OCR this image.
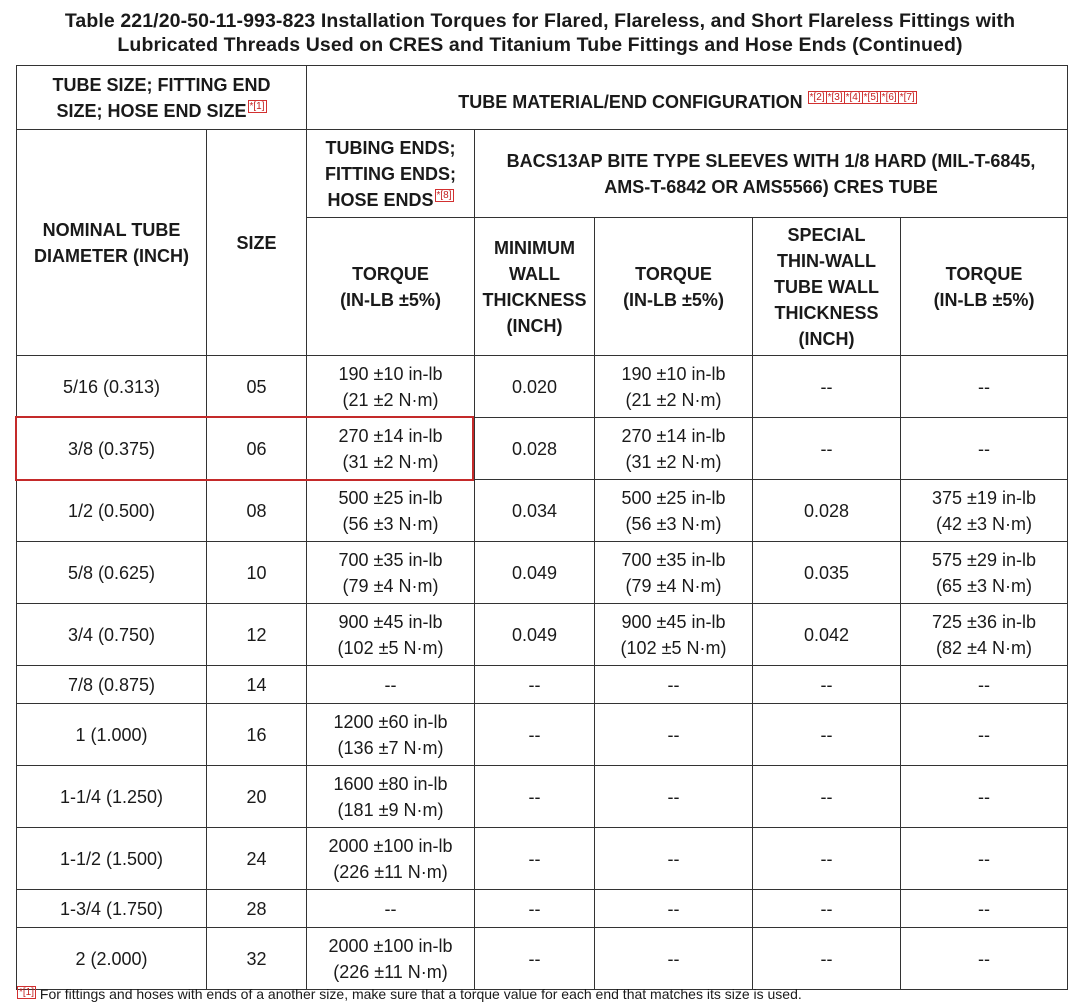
Table 221/20-50-11-993-823 Installation Torques for Flared, Flareless, and Short Flareless Fittings with
Lubricated Threads Used on CRES and Titanium Tube Fittings and Hose Ends (Continued)
TUBE SIZE; FITTING END
SIZE; HOSE END SIZE *[1]		TUBE MATERIAL/END CONFIGURATION *[2] *[3] *[4] *[5] *[6] *[7]				
NOMINAL TUBE
DIAMETER (INCH)	SIZE	TUBING ENDS;
FITTING ENDS;
HOSE ENDS *[8]	BACS13AP BITE TYPE SLEEVES WITH 1/8 HARD (MIL-T-6845,
AMS-T-6842 OR AMS5566) CRES TUBE			
		TORQUE
(IN-LB ±5%)	MINIMUM
WALL
THICKNESS
(INCH)	TORQUE
(IN-LB ±5%)	SPECIAL
THIN-WALL
TUBE WALL
THICKNESS
(INCH)	TORQUE
(IN-LB ±5%)
5/16 (0.313)	05	190 ±10 in-lb
(21 ±2 N·m)	0.020	190 ±10 in-lb
(21 ±2 N·m)	--	--
3/8 (0.375)	06	270 ±14 in-lb
(31 ±2 N·m)	0.028	270 ±14 in-lb
(31 ±2 N·m)	--	--
1/2 (0.500)	08	500 ±25 in-lb
(56 ±3 N·m)	0.034	500 ±25 in-lb
(56 ±3 N·m)	0.028	375 ±19 in-lb
(42 ±3 N·m)
5/8 (0.625)	10	700 ±35 in-lb
(79 ±4 N·m)	0.049	700 ±35 in-lb
(79 ±4 N·m)	0.035	575 ±29 in-lb
(65 ±3 N·m)
3/4 (0.750)	12	900 ±45 in-lb
(102 ±5 N·m)	0.049	900 ±45 in-lb
(102 ±5 N·m)	0.042	725 ±36 in-lb
(82 ±4 N·m)
7/8 (0.875)	14	--	--	--	--	--
1 (1.000)	16	1200 ±60 in-lb
(136 ±7 N·m)	--	--	--	--
1-1/4 (1.250)	20	1600 ±80 in-lb
(181 ±9 N·m)	--	--	--	--
1-1/2 (1.500)	24	2000 ±100 in-lb
(226 ±11 N·m)	--	--	--	--
1-3/4 (1.750)	28	--	--	--	--	--
2 (2.000)	32	2000 ±100 in-lb
(226 ±11 N·m)	--	--	--	--
*[1] For fittings and hoses with ends of a another size, make sure that a torque value for each end that matches its size is used.
